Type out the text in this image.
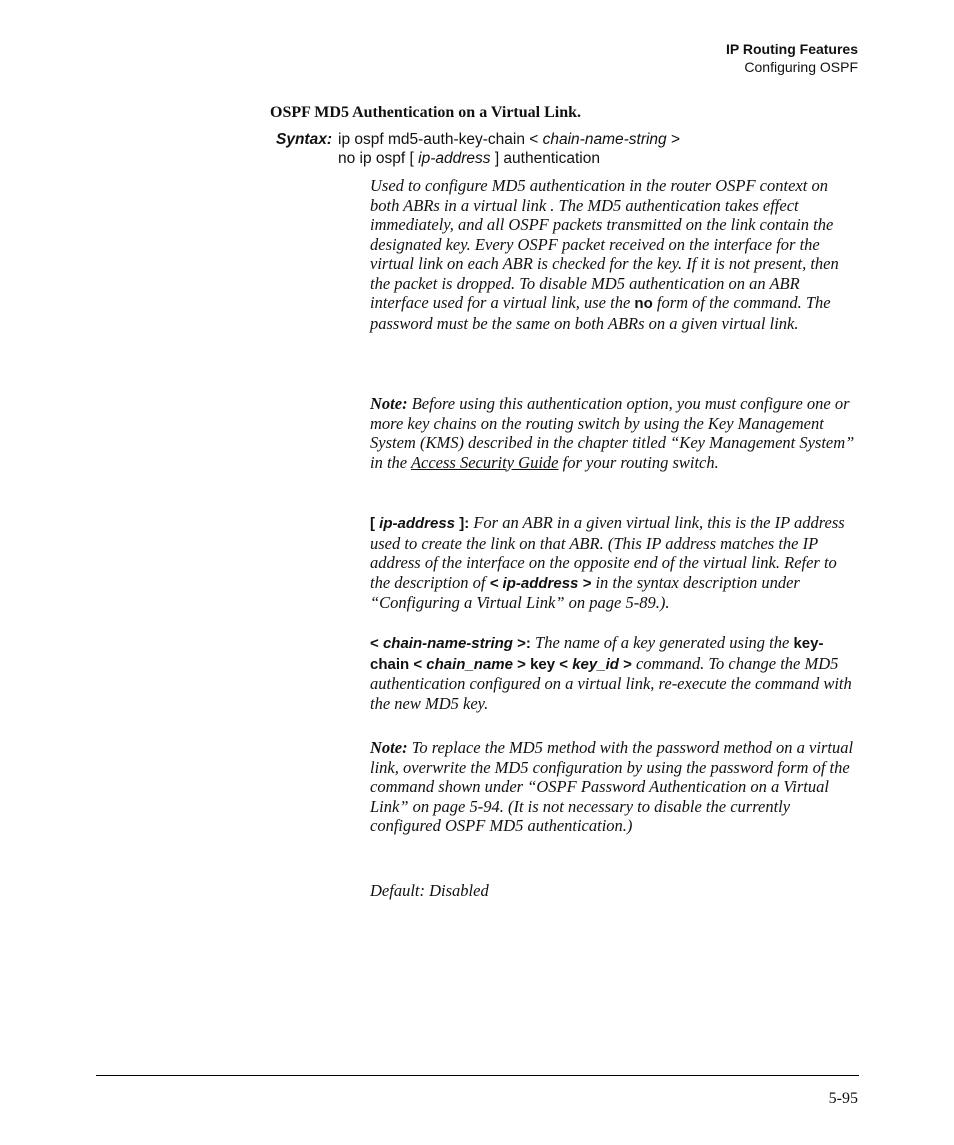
IP Routing Features
Configuring OSPF
OSPF MD5 Authentication on a Virtual Link.
Syntax: ip ospf md5-auth-key-chain < chain-name-string >
no ip ospf [ ip-address ] authentication
Used to configure MD5 authentication in the router OSPF context on both ABRs in a virtual link . The MD5 authentication takes effect immediately, and all OSPF packets transmitted on the link contain the designated key. Every OSPF packet received on the interface for the virtual link on each ABR is checked for the key. If it is not present, then the packet is dropped. To disable MD5 authentication on an ABR interface used for a virtual link, use the no form of the command. The password must be the same on both ABRs on a given virtual link.
Note: Before using this authentication option, you must configure one or more key chains on the routing switch by using the Key Management System (KMS) described in the chapter titled “Key Management System” in the Access Security Guide for your routing switch.
[ ip-address ]: For an ABR in a given virtual link, this is the IP address used to create the link on that ABR. (This IP address matches the IP address of the interface on the opposite end of the virtual link. Refer to the description of < ip-address > in the syntax description under “Configuring a Virtual Link” on page 5-89.).
< chain-name-string >: The name of a key generated using the key-chain < chain_name > key < key_id > command. To change the MD5 authentication configured on a virtual link, re-execute the command with the new MD5 key.
Note: To replace the MD5 method with the password method on a virtual link, overwrite the MD5 configuration by using the password form of the command shown under “OSPF Password Authentication on a Virtual Link” on page 5-94. (It is not necessary to disable the currently configured OSPF MD5 authentication.)
Default: Disabled
5-95
